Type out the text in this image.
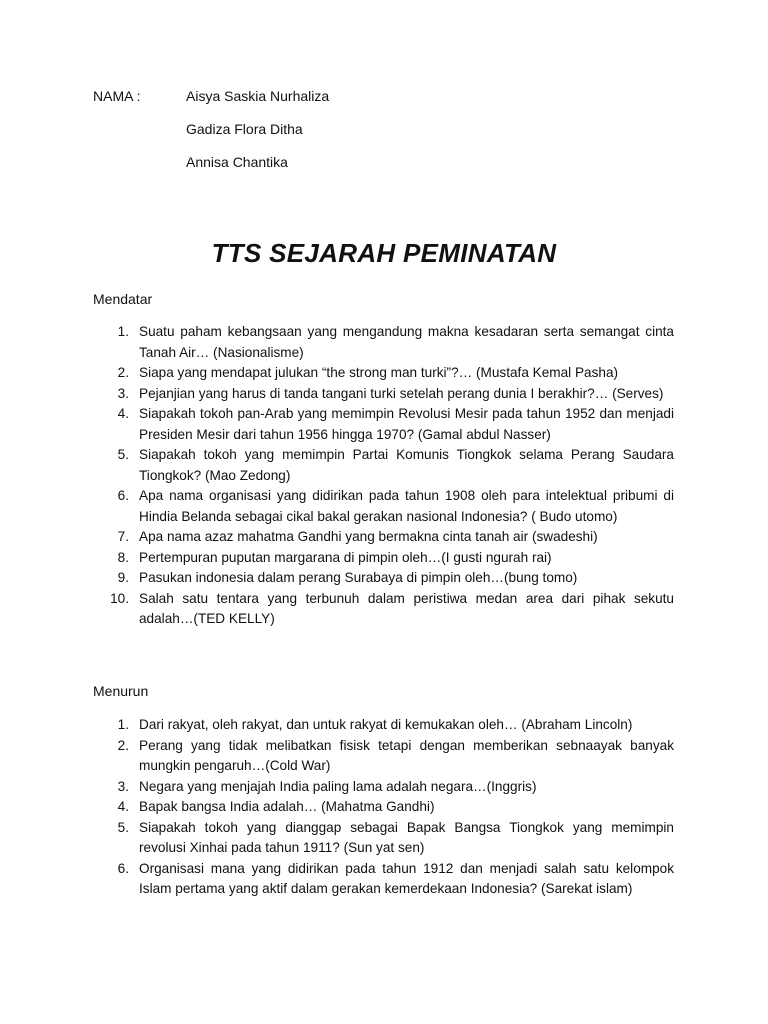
NAMA :	Aisya Saskia Nurhaliza
Gadiza Flora Ditha
Annisa Chantika
TTS SEJARAH PEMINATAN
Mendatar
1. Suatu paham kebangsaan yang mengandung makna kesadaran serta semangat cinta Tanah Air… (Nasionalisme)
2. Siapa yang mendapat julukan “the strong man turki”?… (Mustafa Kemal Pasha)
3. Pejanjian yang harus di tanda tangani turki setelah perang dunia I berakhir?… (Serves)
4. Siapakah tokoh pan-Arab yang memimpin Revolusi Mesir pada tahun 1952 dan menjadi Presiden Mesir dari tahun 1956 hingga 1970? (Gamal abdul Nasser)
5. Siapakah tokoh yang memimpin Partai Komunis Tiongkok selama Perang Saudara Tiongkok? (Mao Zedong)
6. Apa nama organisasi yang didirikan pada tahun 1908 oleh para intelektual pribumi di Hindia Belanda sebagai cikal bakal gerakan nasional Indonesia? ( Budo utomo)
7. Apa nama azaz mahatma Gandhi yang bermakna cinta tanah air (swadeshi)
8. Pertempuran puputan margarana di pimpin oleh…(I gusti ngurah rai)
9. Pasukan indonesia dalam perang Surabaya di pimpin oleh…(bung tomo)
10. Salah satu tentara yang terbunuh dalam peristiwa medan area dari pihak sekutu adalah…(TED KELLY)
Menurun
1. Dari rakyat, oleh rakyat, dan untuk rakyat di kemukakan oleh… (Abraham Lincoln)
2. Perang yang tidak melibatkan fisisk tetapi dengan memberikan sebnaayak banyak mungkin pengaruh…(Cold War)
3. Negara yang menjajah India paling lama adalah negara…(Inggris)
4. Bapak bangsa India adalah… (Mahatma Gandhi)
5. Siapakah tokoh yang dianggap sebagai Bapak Bangsa Tiongkok yang memimpin revolusi Xinhai pada tahun 1911? (Sun yat sen)
6. Organisasi mana yang didirikan pada tahun 1912 dan menjadi salah satu kelompok Islam pertama yang aktif dalam gerakan kemerdekaan Indonesia? (Sarekat islam)
